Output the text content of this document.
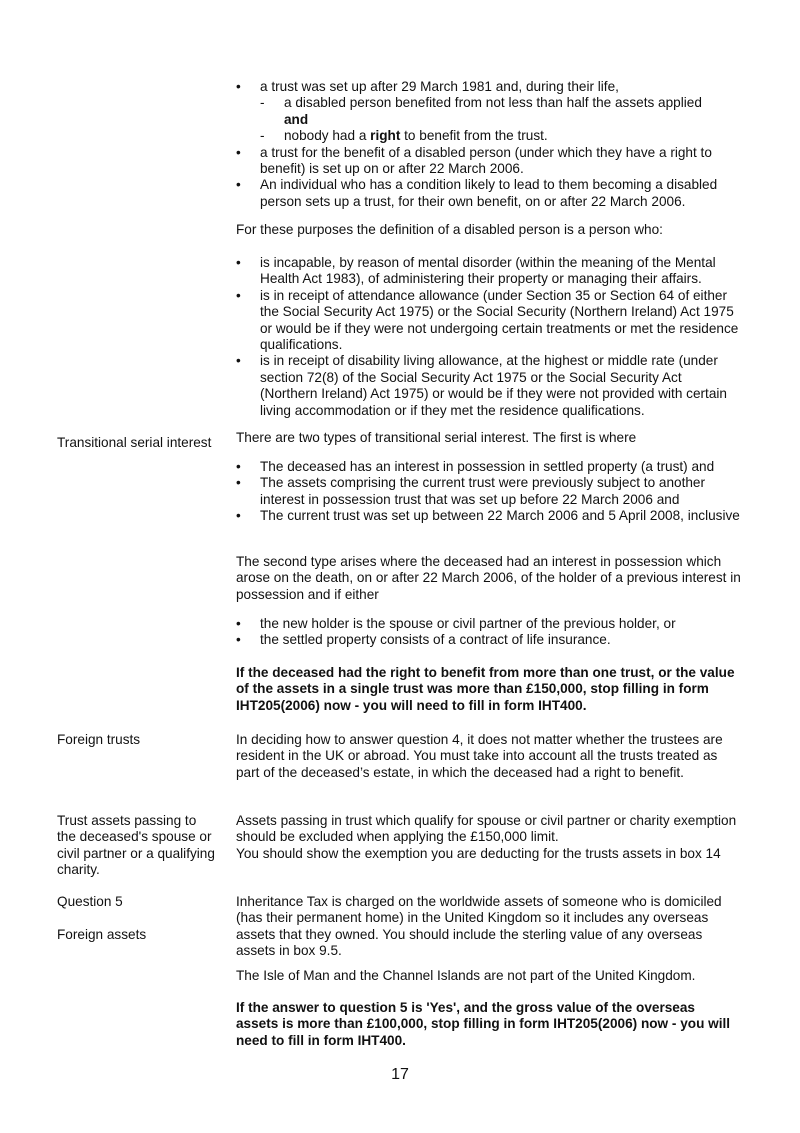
• a trust was set up after 29 March 1981 and, during their life,
- a disabled person benefited from not less than half the assets applied
and
- nobody had a right to benefit from the trust.
• a trust for the benefit of a disabled person (under which they have a right to benefit) is set up on or after 22 March 2006.
• An individual who has a condition likely to lead to them becoming a disabled person sets up a trust, for their own benefit, on or after 22 March 2006.

For these purposes the definition of a disabled person is a person who:

• is incapable, by reason of mental disorder (within the meaning of the Mental Health Act 1983), of administering their property or managing their affairs.
• is in receipt of attendance allowance (under Section 35 or Section 64 of either the Social Security Act 1975) or the Social Security (Northern Ireland) Act 1975 or would be if they were not undergoing certain treatments or met the residence qualifications.
• is in receipt of disability living allowance, at the highest or middle rate (under section 72(8) of the Social Security Act 1975 or the Social Security Act (Northern Ireland) Act 1975) or would be if they were not provided with certain living accommodation or if they met the residence qualifications.

Transitional serial interest	There are two types of transitional serial interest. The first is where

• The deceased has an interest in possession in settled property (a trust) and
• The assets comprising the current trust were previously subject to another interest in possession trust that was set up before 22 March 2006 and
• The current trust was set up between 22 March 2006 and 5 April 2008, inclusive

The second type arises where the deceased had an interest in possession which arose on the death, on or after 22 March 2006, of the holder of a previous interest in possession and if either

• the new holder is the spouse or civil partner of the previous holder, or
• the settled property consists of a contract of life insurance.

If the deceased had the right to benefit from more than one trust, or the value of the assets in a single trust was more than £150,000, stop filling in form IHT205(2006) now - you will need to fill in form IHT400.

Foreign trusts	In deciding how to answer question 4, it does not matter whether the trustees are resident in the UK or abroad. You must take into account all the trusts treated as part of the deceased’s estate, in which the deceased had a right to benefit.

Trust assets passing to the deceased's spouse or civil partner or a qualifying charity.

Assets passing in trust which qualify for spouse or civil partner or charity exemption should be excluded when applying the £150,000 limit.
You should show the exemption you are deducting for the trusts assets in box 14

Question 5

Foreign assets

Inheritance Tax is charged on the worldwide assets of someone who is domiciled (has their permanent home) in the United Kingdom so it includes any overseas assets that they owned. You should include the sterling value of any overseas assets in box 9.5.

The Isle of Man and the Channel Islands are not part of the United Kingdom.

If the answer to question 5 is 'Yes', and the gross value of the overseas assets is more than £100,000, stop filling in form IHT205(2006) now - you will need to fill in form IHT400.

17
